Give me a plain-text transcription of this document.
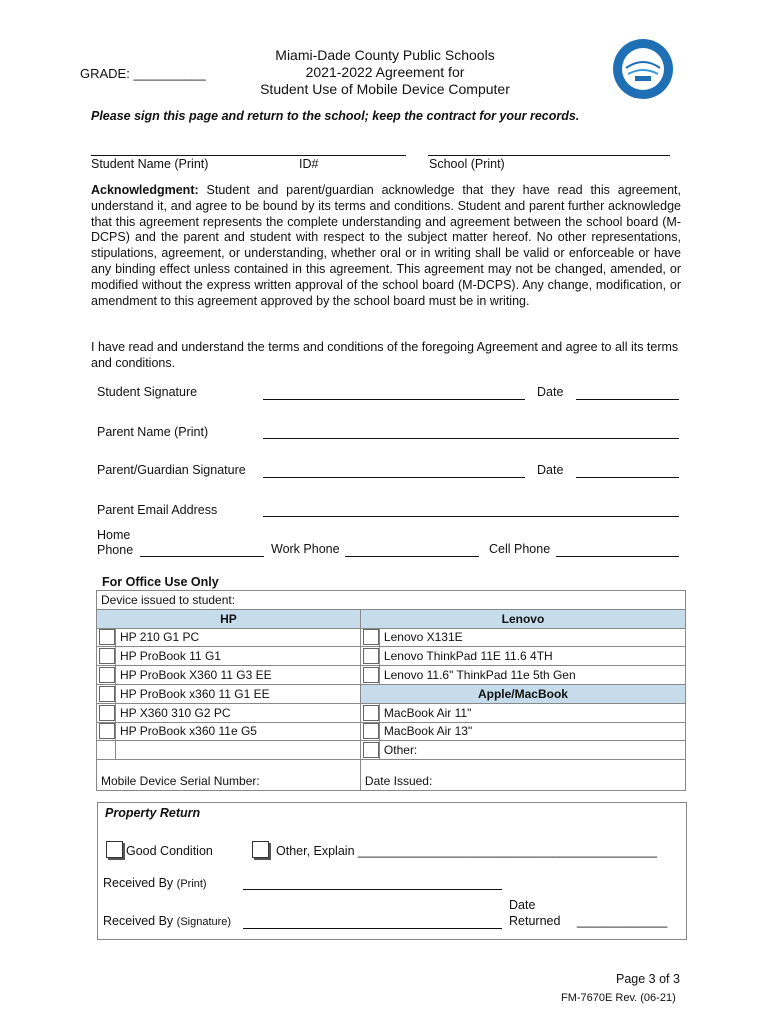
GRADE: __________
Miami-Dade County Public Schools
2021-2022 Agreement for
Student Use of Mobile Device Computer
Please sign this page and return to the school; keep the contract for your records.
Student Name (Print)	ID#	School (Print)
Acknowledgment: Student and parent/guardian acknowledge that they have read this agreement, understand it, and agree to be bound by its terms and conditions. Student and parent further acknowledge that this agreement represents the complete understanding and agreement between the school board (M-DCPS) and the parent and student with respect to the subject matter hereof. No other representations, stipulations, agreement, or understanding, whether oral or in writing shall be valid or enforceable or have any binding effect unless contained in this agreement. This agreement may not be changed, amended, or modified without the express written approval of the school board (M-DCPS). Any change, modification, or amendment to this agreement approved by the school board must be in writing.
I have read and understand the terms and conditions of the foregoing Agreement and agree to all its terms and conditions.
Student Signature	Date
Parent Name (Print)
Parent/Guardian Signature	Date
Parent Email Address
Home
Phone	Work Phone	Cell Phone
For Office Use Only
Device issued to student:			
HP		Lenovo	
	HP 210 G1 PC		Lenovo X131E
	HP ProBook 11 G1		Lenovo ThinkPad 11E 11.6 4TH
	HP ProBook X360 11 G3 EE		Lenovo 11.6" ThinkPad 11e 5th Gen
	HP ProBook x360 11 G1 EE	Apple/MacBook	
	HP X360 310 G2 PC		MacBook Air 11"
	HP ProBook x360 11e G5		MacBook Air 13"
			Other:
Mobile Device Serial Number:		Date Issued:	
Property Return
Good Condition	Other, Explain ___________________________________________
Received By (Print)
Date
Returned _____________
Received By (Signature)
Page 3 of 3
FM-7670E Rev. (06-21)
